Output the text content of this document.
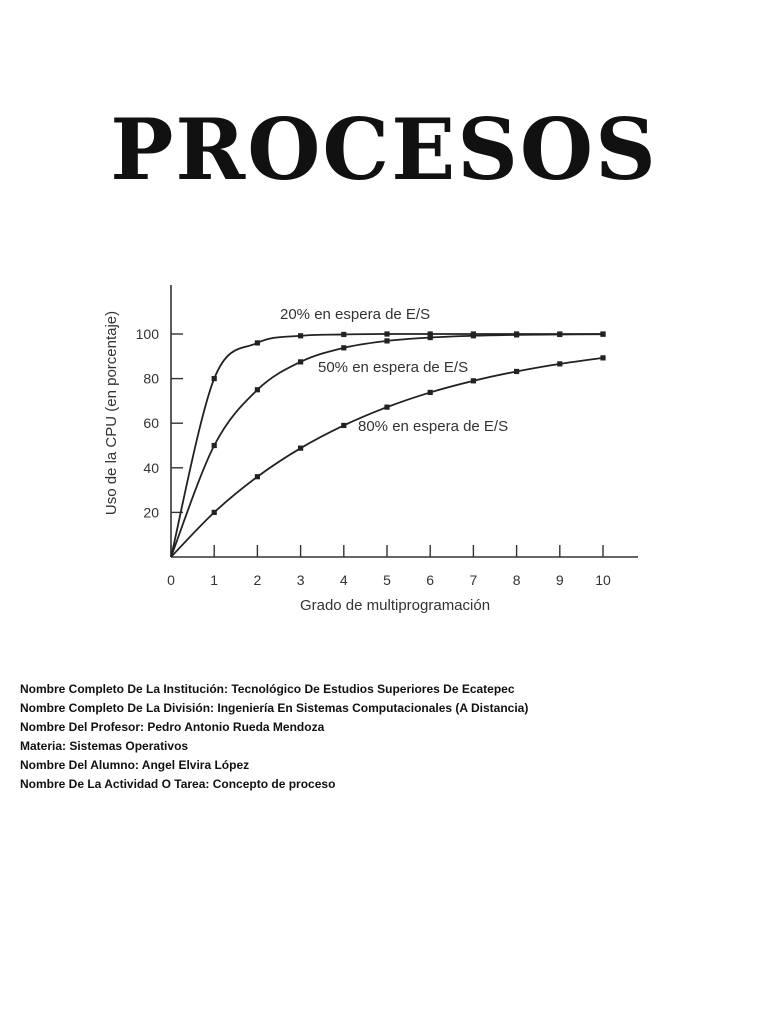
PROCESOS
0	1	2	3	4	5	6	7	8	9 10
20
40
60
80
100
Grado de multiprogramación
Uso de la CPU (en porcentaje)	20% en espera de E/S
50% en espera de E/S
80% en espera de E/S
Nombre Completo De La Institución: Tecnológico De Estudios Superiores De Ecatepec
Nombre Completo De La División: Ingeniería En Sistemas Computacionales (A Distancia)
Nombre Del Profesor: Pedro Antonio Rueda Mendoza
Materia: Sistemas Operativos
Nombre Del Alumno: Angel Elvira López
Nombre De La Actividad O Tarea: Concepto de proceso
